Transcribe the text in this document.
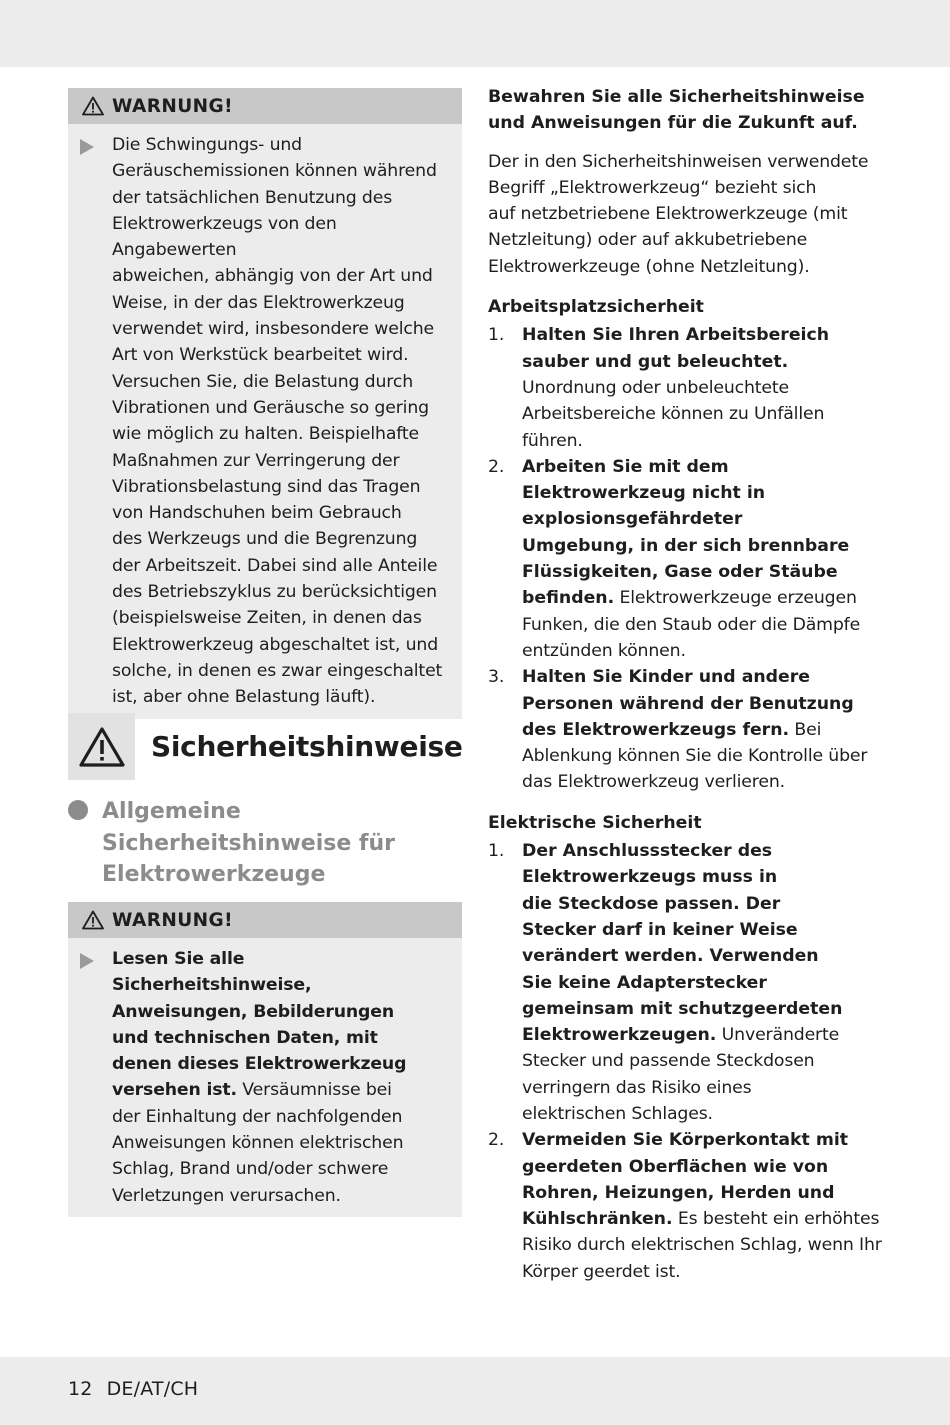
WARNUNG!

Die Schwingungs- und
Geräuschemissionen können während
der tatsächlichen Benutzung des
Elektrowerkzeugs von den Angabewerten
abweichen, abhängig von der Art und
Weise, in der das Elektrowerkzeug
verwendet wird, insbesondere welche
Art von Werkstück bearbeitet wird.
Versuchen Sie, die Belastung durch
Vibrationen und Geräusche so gering
wie möglich zu halten. Beispielhafte
Maßnahmen zur Verringerung der
Vibrationsbelastung sind das Tragen
von Handschuhen beim Gebrauch
des Werkzeugs und die Begrenzung
der Arbeitszeit. Dabei sind alle Anteile
des Betriebszyklus zu berücksichtigen
(beispielsweise Zeiten, in denen das
Elektrowerkzeug abgeschaltet ist, und
solche, in denen es zwar eingeschaltet
ist, aber ohne Belastung läuft).

Sicherheitshinweise
Allgemeine
Sicherheitshinweise für
Elektrowerkzeuge
WARNUNG!

Lesen Sie alle
Sicherheitshinweise,
Anweisungen, Bebilderungen
und technischen Daten, mit
denen dieses Elektrowerkzeug
versehen ist. Versäumnisse bei
der Einhaltung der nachfolgenden
Anweisungen können elektrischen
Schlag, Brand und/oder schwere
Verletzungen verursachen.

Bewahren Sie alle Sicherheitshinweise
und Anweisungen für die Zukunft auf.

Der in den Sicherheitshinweisen verwendete
Begriff „Elektrowerkzeug“ bezieht sich
auf netzbetriebene Elektrowerkzeuge (mit
Netzleitung) oder auf akkubetriebene
Elektrowerkzeuge (ohne Netzleitung).

Arbeitsplatzsicherheit
1.	Halten Sie Ihren Arbeitsbereich
sauber und gut beleuchtet.
Unordnung oder unbeleuchtete
Arbeitsbereiche können zu Unfällen führen.
2.	Arbeiten Sie mit dem
Elektrowerkzeug nicht in
explosionsgefährdeter
Umgebung, in der sich brennbare
Flüssigkeiten, Gase oder Stäube
befinden. Elektrowerkzeuge erzeugen
Funken, die den Staub oder die Dämpfe
entzünden können.
3.	Halten Sie Kinder und andere
Personen während der Benutzung
des Elektrowerkzeugs fern. Bei
Ablenkung können Sie die Kontrolle über
das Elektrowerkzeug verlieren.
Elektrische Sicherheit
1.	Der Anschlussstecker des
Elektrowerkzeugs muss in
die Steckdose passen. Der
Stecker darf in keiner Weise
verändert werden. Verwenden
Sie keine Adapterstecker
gemeinsam mit schutzgeerdeten
Elektrowerkzeugen. Unveränderte
Stecker und passende Steckdosen
verringern das Risiko eines
elektrischen Schlages.
2.	Vermeiden Sie Körperkontakt mit
geerdeten Oberflächen wie von
Rohren, Heizungen, Herden und
Kühlschränken. Es besteht ein erhöhtes
Risiko durch elektrischen Schlag, wenn Ihr
Körper geerdet ist.
12 DE/AT/CH
